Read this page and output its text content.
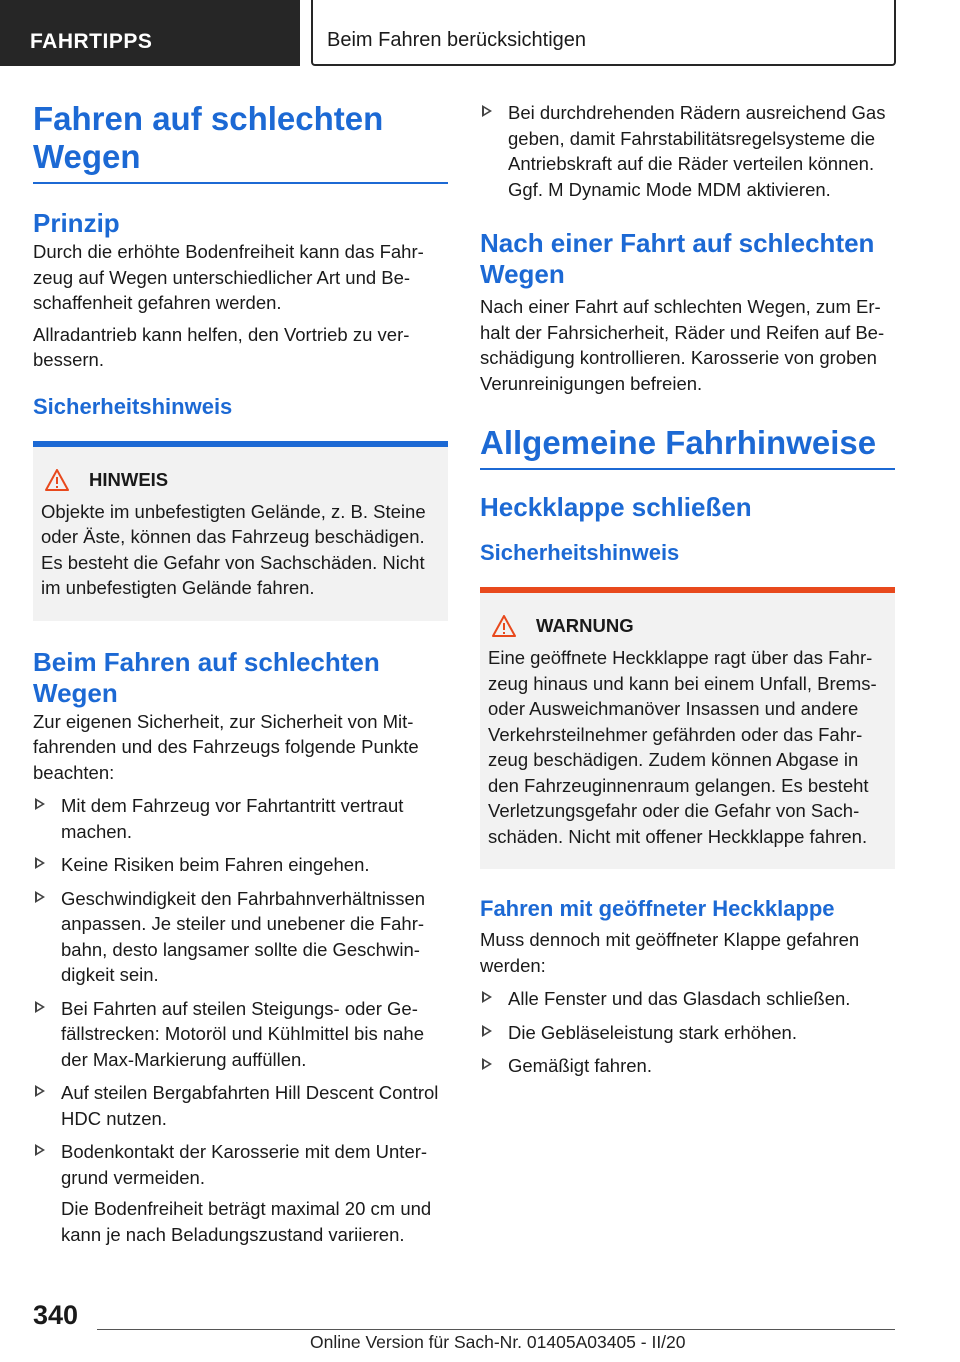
FAHRTIPPS	Beim Fahren berücksichtigen
Fahren auf schlechten Wegen
Prinzip

Durch die erhöhte Bodenfreiheit kann das Fahrzeug auf Wegen unterschiedlicher Art und Beschaffenheit gefahren werden.

Allradantrieb kann helfen, den Vortrieb zu verbessern.

Sicherheitshinweis
HINWEIS

Objekte im unbefestigten Gelände, z. B. Steine oder Äste, können das Fahrzeug beschädigen. Es besteht die Gefahr von Sachschäden. Nicht im unbefestigten Gelände fahren.

Beim Fahren auf schlechten Wegen

Zur eigenen Sicherheit, zur Sicherheit von Mitfahrenden und des Fahrzeugs folgende Punkte beachten:

Mit dem Fahrzeug vor Fahrtantritt vertraut machen.
Keine Risiken beim Fahren eingehen.
Geschwindigkeit den Fahrbahnverhältnissen anpassen. Je steiler und unebener die Fahrbahn, desto langsamer sollte die Geschwindigkeit sein.
Bei Fahrten auf steilen Steigungs- oder Gefällstrecken: Motoröl und Kühlmittel bis nahe der Max-Markierung auffüllen.
Auf steilen Bergabfahrten Hill Descent Control HDC nutzen.
Bodenkontakt der Karosserie mit dem Untergrund vermeiden.
Die Bodenfreiheit beträgt maximal 20 cm und kann je nach Beladungszustand variieren.
Bei durchdrehenden Rädern ausreichend Gas geben, damit Fahrstabilitätsregelsysteme die Antriebskraft auf die Räder verteilen können. Ggf. M Dynamic Mode MDM aktivieren.
Nach einer Fahrt auf schlechten Wegen

Nach einer Fahrt auf schlechten Wegen, zum Erhalt der Fahrsicherheit, Räder und Reifen auf Beschädigung kontrollieren. Karosserie von groben Verunreinigungen befreien.

Allgemeine Fahrhinweise
Heckklappe schließen
Sicherheitshinweis
WARNUNG

Eine geöffnete Heckklappe ragt über das Fahrzeug hinaus und kann bei einem Unfall, Brems- oder Ausweichmanöver Insassen und andere Verkehrsteilnehmer gefährden oder das Fahrzeug beschädigen. Zudem können Abgase in den Fahrzeuginnenraum gelangen. Es besteht Verletzungsgefahr oder die Gefahr von Sachschäden. Nicht mit offener Heckklappe fahren.

Fahren mit geöffneter Heckklappe

Muss dennoch mit geöffneter Klappe gefahren werden:

Alle Fenster und das Glasdach schließen.
Die Gebläseleistung stark erhöhen.
Gemäßigt fahren.
340
Online Version für Sach-Nr. 01405A03405 - II/20
